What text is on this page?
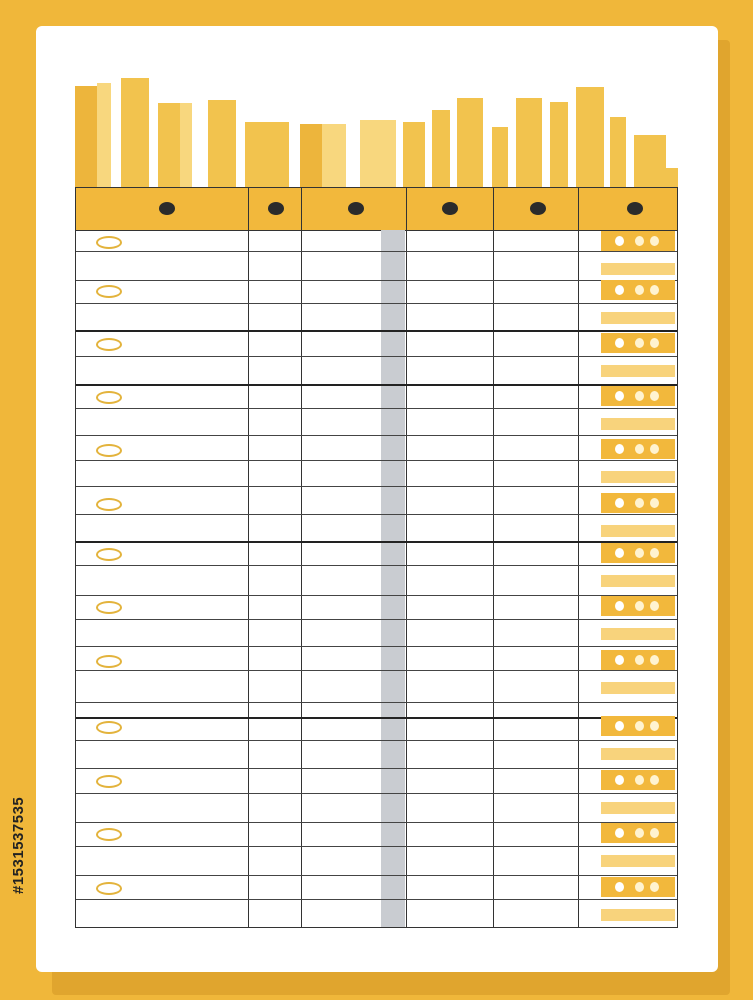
#1531537535
